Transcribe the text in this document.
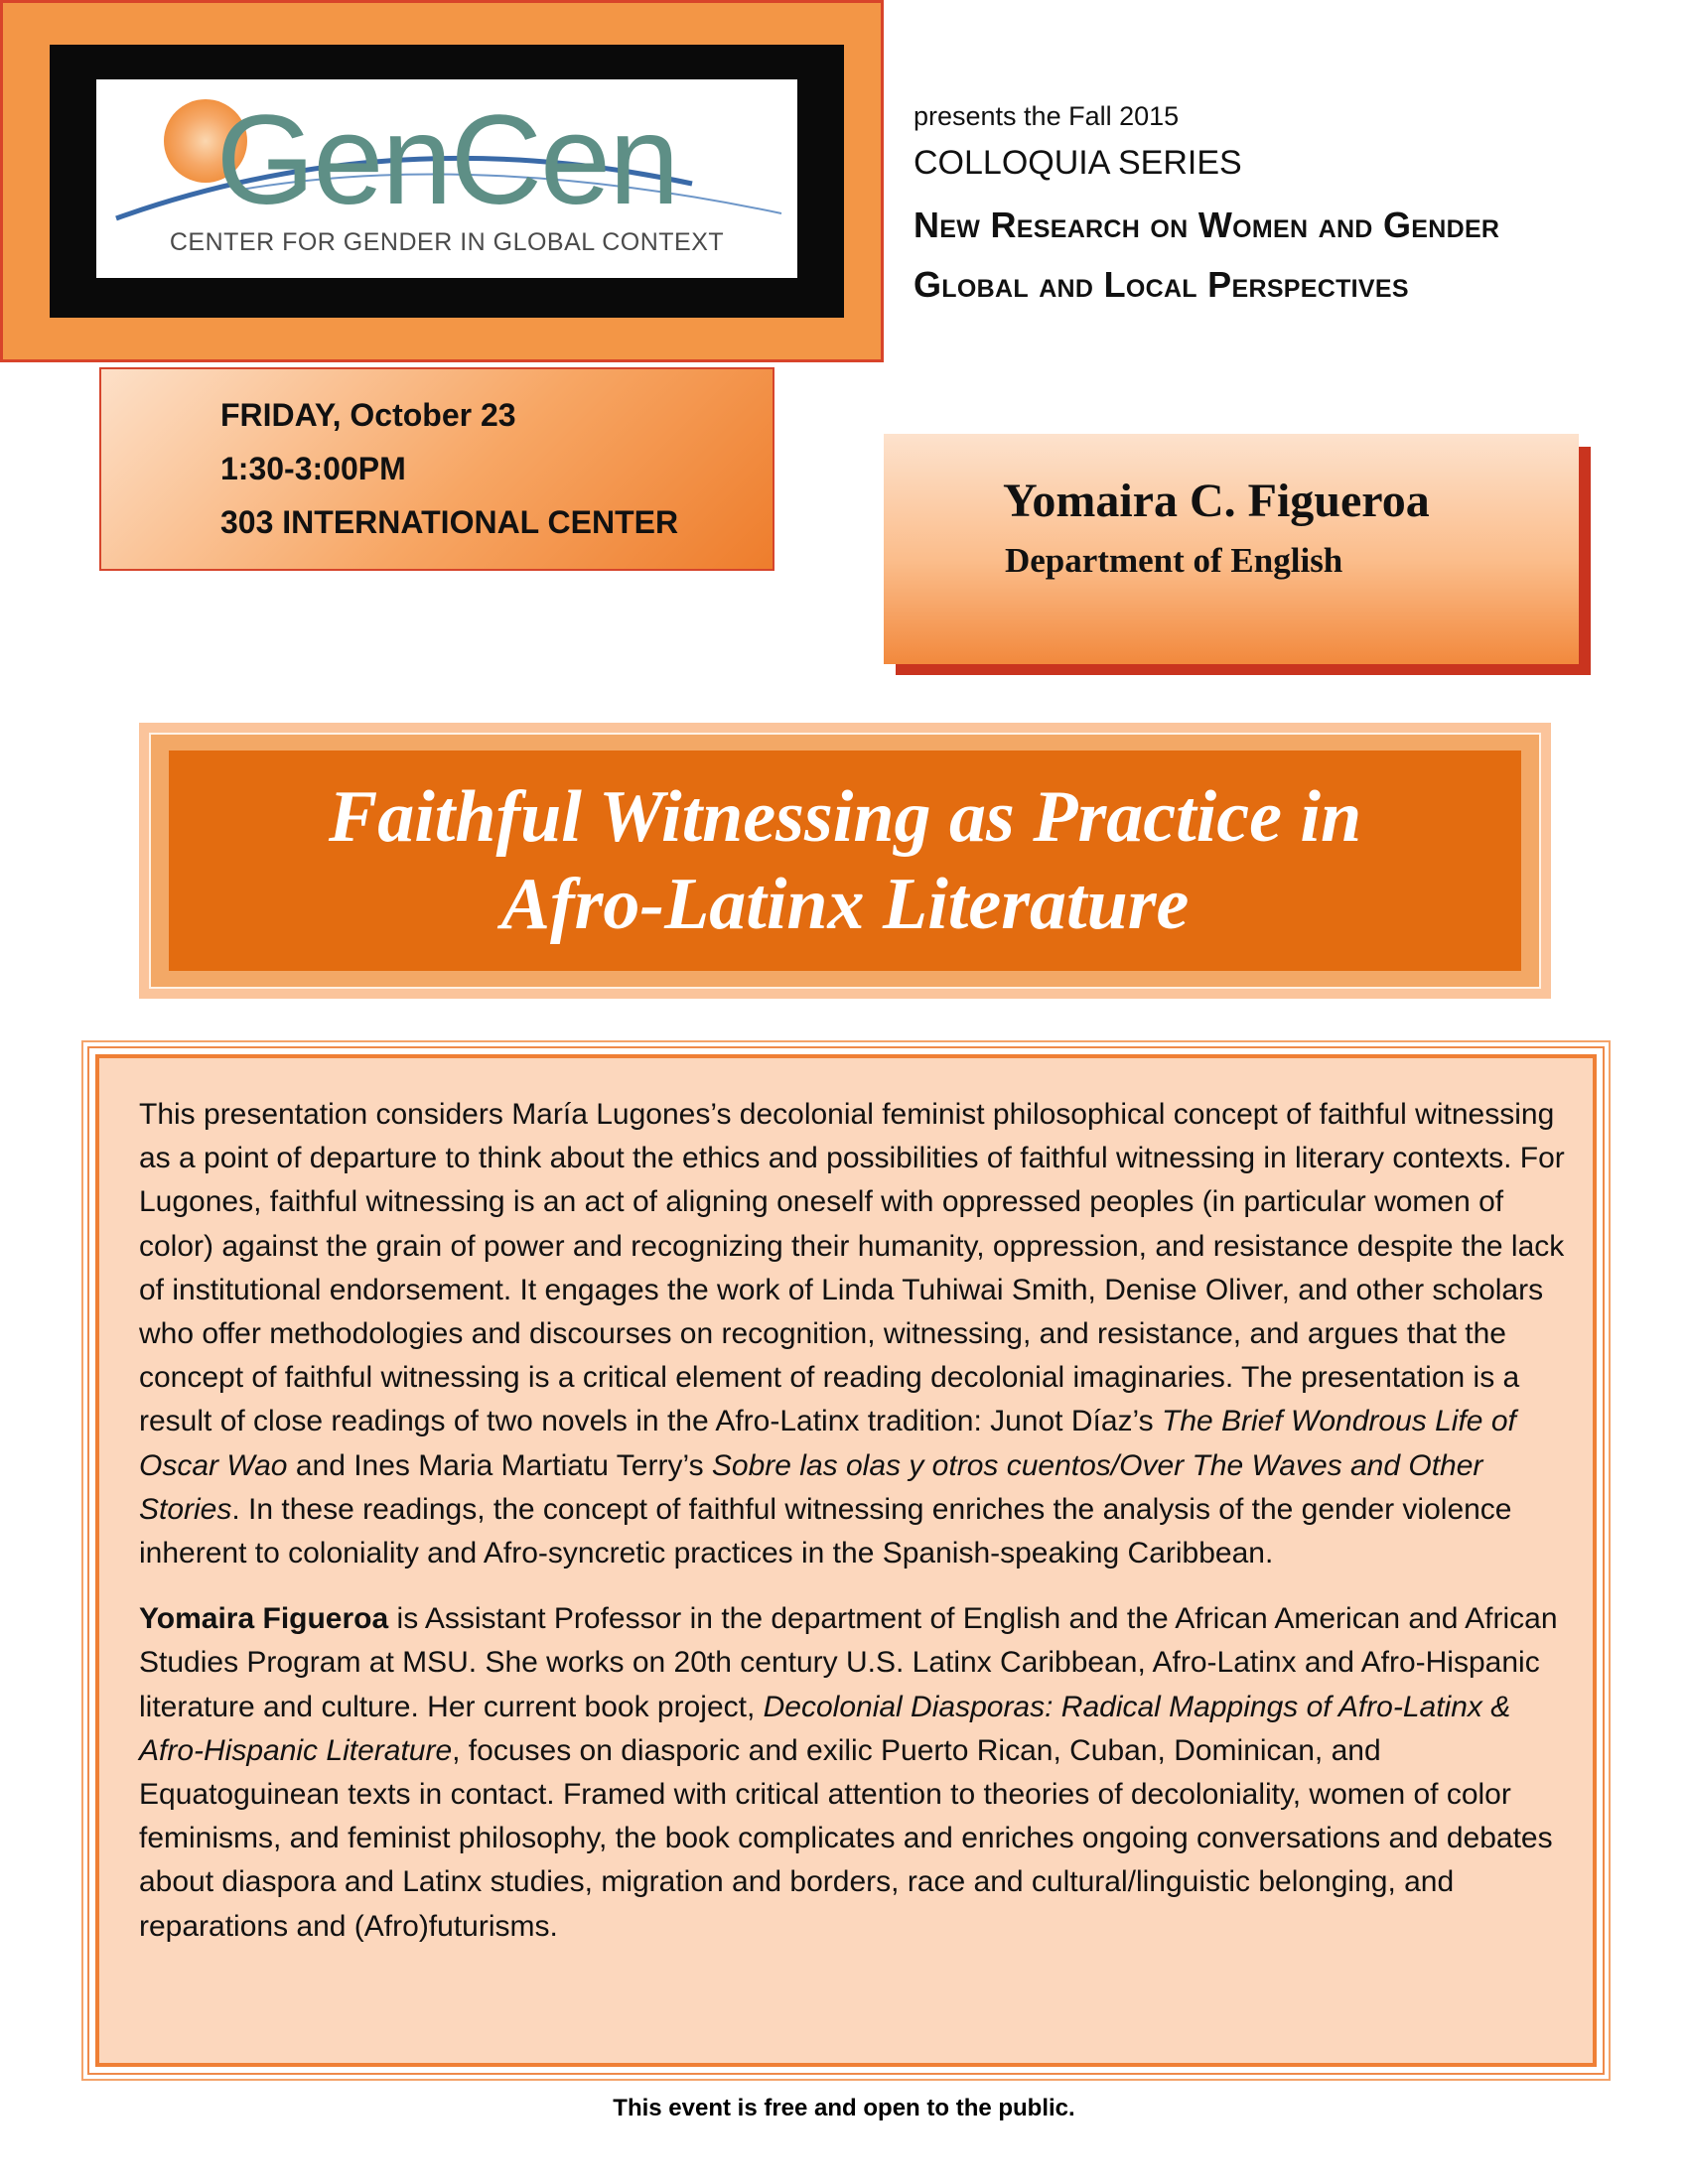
GenCen
CENTER FOR GENDER IN GLOBAL CONTEXT
presents the Fall 2015
COLLOQUIA SERIES
New Research on Women and Gender
Global and Local Perspectives
FRIDAY, October 23
1:30-3:00PM
303 INTERNATIONAL CENTER	Yomaira C. Figueroa
Department of English
Faithful Witnessing as Practice in
Afro-Latinx Literature

This presentation considers María Lugones’s decolonial feminist philosophical concept of faithful witnessing as a point of departure to think about the ethics and possibilities of faithful witnessing in literary contexts. For Lugones, faithful witnessing is an act of aligning oneself with oppressed peoples (in particular women of color) against the grain of power and recognizing their humanity, oppression, and resistance despite the lack of institutional endorsement. It engages the work of Linda Tuhiwai Smith, Denise Oliver, and other scholars who offer methodologies and discourses on recognition, witnessing, and resistance, and argues that the concept of faithful witnessing is a critical element of reading decolonial imaginaries. The presentation is a result of close readings of two novels in the Afro-Latinx tradition: Junot Díaz’s The Brief Wondrous Life of Oscar Wao and Ines Maria Martiatu Terry’s Sobre las olas y otros cuentos/Over The Waves and Other Stories. In these readings, the concept of faithful witnessing enriches the analysis of the gender violence inherent to coloniality and Afro-syncretic practices in the Spanish-speaking Caribbean.

Yomaira Figueroa is Assistant Professor in the department of English and the African American and African Studies Program at MSU. She works on 20th century U.S. Latinx Caribbean, Afro-Latinx and Afro-Hispanic literature and culture. Her current book project, Decolonial Diasporas: Radical Mappings of Afro-Latinx & Afro-Hispanic Literature, focuses on diasporic and exilic Puerto Rican, Cuban, Dominican, and Equatoguinean texts in contact. Framed with critical attention to theories of decoloniality, women of color feminisms, and feminist philosophy, the book complicates and enriches ongoing conversations and debates about diaspora and Latinx studies, migration and borders, race and cultural/linguistic belonging, and reparations and (Afro)futurisms.

This event is free and open to the public.
